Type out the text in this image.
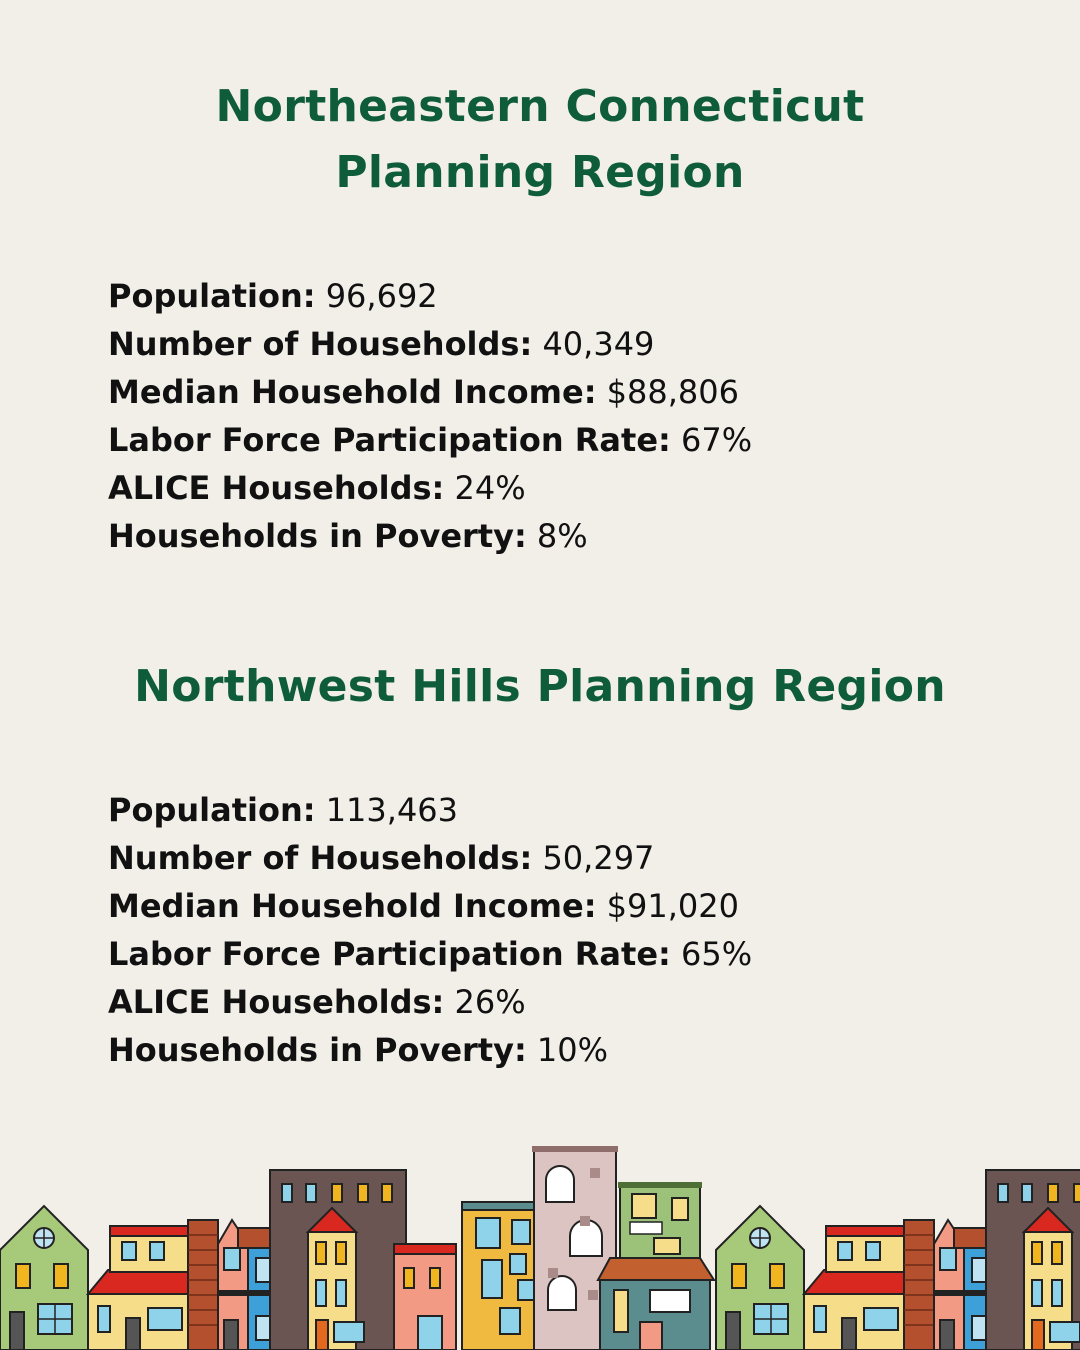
Northeastern Connecticut
Planning Region
Population: 96,692
Number of Households: 40,349
Median Household Income: $88,806
Labor Force Participation Rate: 67%
ALICE Households: 24%
Households in Poverty: 8%
Northwest Hills Planning Region
Population: 113,463
Number of Households: 50,297
Median Household Income: $91,020
Labor Force Participation Rate: 65%
ALICE Households: 26%
Households in Poverty: 10%
